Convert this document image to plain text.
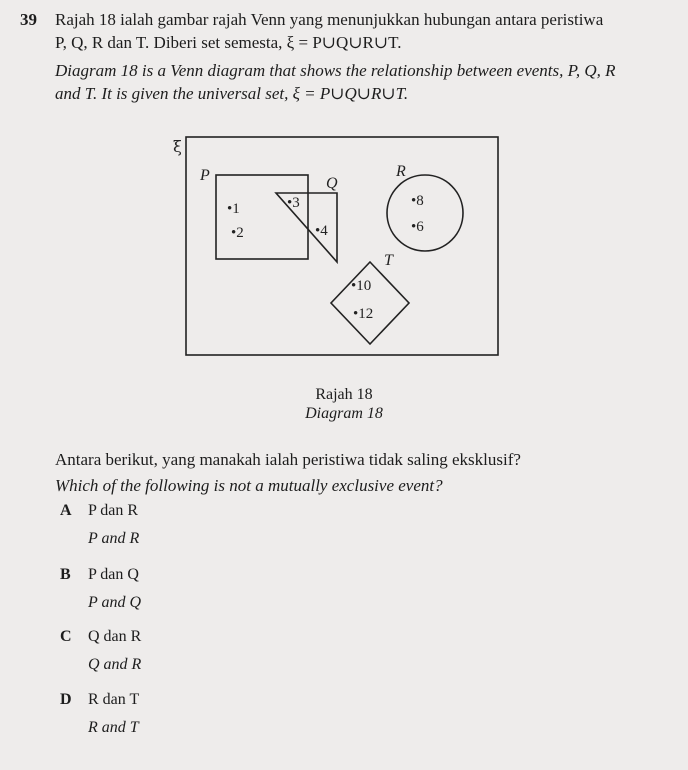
39 Rajah 18 ialah gambar rajah Venn yang menunjukkan hubungan antara peristiwa
P, Q, R dan T. Diberi set semesta, ξ = P∪Q∪R∪T.
Diagram 18 is a Venn diagram that shows the relationship between events, P, Q, R
and T. It is given the universal set, ξ = P∪Q∪R∪T.
ξ
P	Q
R
T
•1
•2
•3
•4
•8
•6
•10
•12
Rajah 18
Diagram 18
Antara berikut, yang manakah ialah peristiwa tidak saling eksklusif?
Which of the following is not a mutually exclusive event?
A P dan R
P and R
B P dan Q
P and Q
C Q dan R
Q and R
D R dan T
R and T
